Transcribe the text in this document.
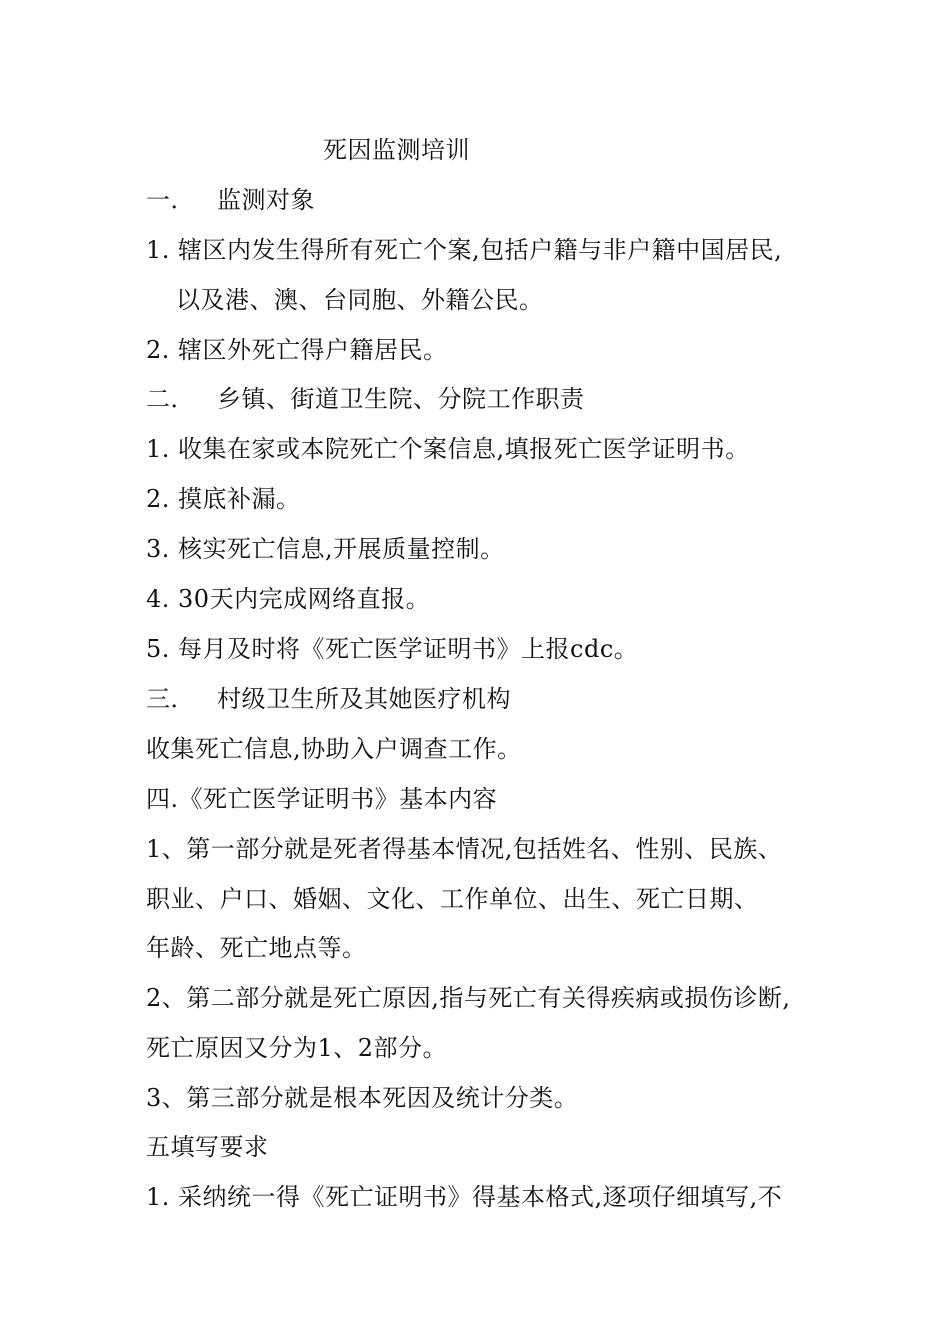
死因监测培训
一． 监测对象
1. 辖区内发生得所有死亡个案,包括户籍与非户籍中国居民,
以及港、澳、台同胞、外籍公民。
2. 辖区外死亡得户籍居民。
二． 乡镇、街道卫生院、分院工作职责
1. 收集在家或本院死亡个案信息,填报死亡医学证明书。
2. 摸底补漏。
3. 核实死亡信息,开展质量控制。
4. 30天内完成网络直报。
5. 每月及时将《死亡医学证明书》上报cdc。
三． 村级卫生所及其她医疗机构
收集死亡信息,协助入户调查工作。
四.《死亡医学证明书》基本内容
1、第一部分就是死者得基本情况,包括姓名、性别、民族、
职业、户口、婚姻、文化、工作单位、出生、死亡日期、
年龄、死亡地点等。
2、第二部分就是死亡原因,指与死亡有关得疾病或损伤诊断,
死亡原因又分为1、2部分。
3、第三部分就是根本死因及统计分类。
五填写要求
1. 采纳统一得《死亡证明书》得基本格式,逐项仔细填写,不
